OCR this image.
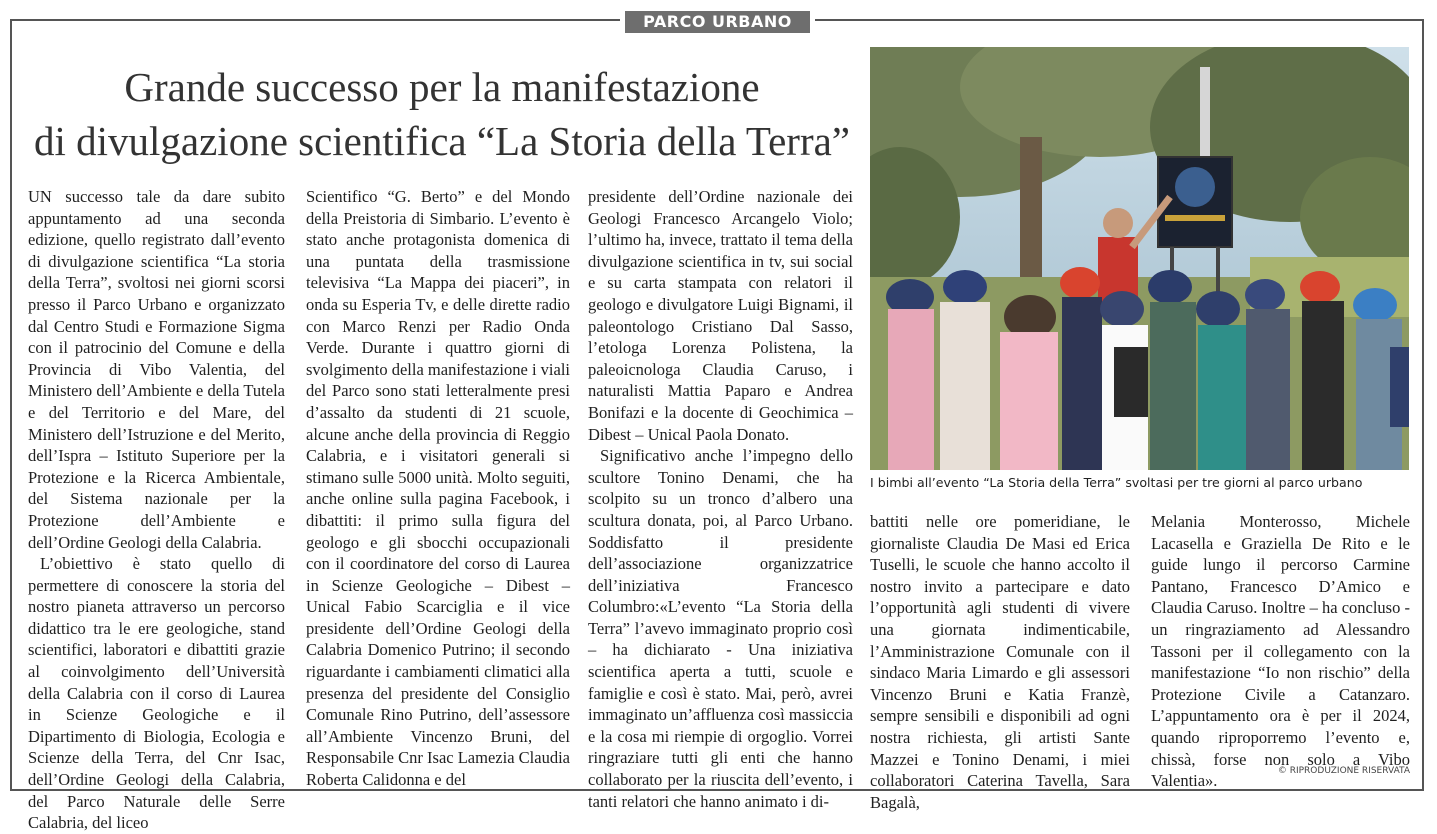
PARCO URBANO
Grande successo per la manifestazione
di divulgazione scientifica “La Storia della Terra”

UN successo tale da dare subito appuntamento ad una seconda edizione, quello registrato dall’evento di divulgazione scientifica “La storia della Terra”, svoltosi nei giorni scorsi presso il Parco Urbano e organizzato dal Centro Studi e Formazione Sigma con il patrocinio del Comune e della Provincia di Vibo Valentia, del Ministero dell’Ambiente e della Tutela e del Territorio e del Mare, del Ministero dell’Istruzione e del Merito, dell’Ispra – Istituto Superiore per la Protezione e la Ricerca Ambientale, del Sistema nazionale per la Protezione dell’Ambiente e dell’Ordine Geologi della Calabria.

L’obiettivo è stato quello di permettere di conoscere la storia del nostro pianeta attraverso un percorso didattico tra le ere geologiche, stand scientifici, laboratori e dibattiti grazie al coinvolgimento dell’Università della Calabria con il corso di Laurea in Scienze Geologiche e il Dipartimento di Biologia, Ecologia e Scienze della Terra, del Cnr Isac, dell’Ordine Geologi della Calabria, del Parco Naturale delle Serre Calabria, del liceo

Scientifico “G. Berto” e del Mondo della Preistoria di Simbario. L’evento è stato anche protagonista domenica di una puntata della trasmissione televisiva “La Mappa dei piaceri”, in onda su Esperia Tv, e delle dirette radio con Marco Renzi per Radio Onda Verde. Durante i quattro giorni di svolgimento della manifestazione i viali del Parco sono stati letteralmente presi d’assalto da studenti di 21 scuole, alcune anche della provincia di Reggio Calabria, e i visitatori generali si stimano sulle 5000 unità. Molto seguiti, anche online sulla pagina Facebook, i dibattiti: il primo sulla figura del geologo e gli sbocchi occupazionali con il coordinatore del corso di Laurea in Scienze Geologiche – Dibest – Unical Fabio Scarciglia e il vice presidente dell’Ordine Geologi della Calabria Domenico Putrino; il secondo riguardante i cambiamenti climatici alla presenza del presidente del Consiglio Comunale Rino Putrino, dell’assessore all’Ambiente Vincenzo Bruni, del Responsabile Cnr Isac Lamezia Claudia Roberta Calidonna e del

presidente dell’Ordine nazionale dei Geologi Francesco Arcangelo Violo; l’ultimo ha, invece, trattato il tema della divulgazione scientifica in tv, sui social e su carta stampata con relatori il geologo e divulgatore Luigi Bignami, il paleontologo Cristiano Dal Sasso, l’etologa Lorenza Polistena, la paleoicnologa Claudia Caruso, i naturalisti Mattia Paparo e Andrea Bonifazi e la docente di Geochimica – Dibest – Unical Paola Donato.

Significativo anche l’impegno dello scultore Tonino Denami, che ha scolpito su un tronco d’albero una scultura donata, poi, al Parco Urbano. Soddisfatto il presidente dell’associazione organizzatrice dell’iniziativa Francesco Columbro:«L’evento “La Storia della Terra” l’avevo immaginato proprio così – ha dichiarato - Una iniziativa scientifica aperta a tutti, scuole e famiglie e così è stato. Mai, però, avrei immaginato un’affluenza così massiccia e la cosa mi riempie di orgoglio. Vorrei ringraziare tutti gli enti che hanno collaborato per la riuscita dell’evento, i tanti relatori che hanno animato i di-

battiti nelle ore pomeridiane, le giornaliste Claudia De Masi ed Erica Tuselli, le scuole che hanno accolto il nostro invito a partecipare e dato l’opportunità agli studenti di vivere una giornata indimenticabile, l’Amministrazione Comunale con il sindaco Maria Limardo e gli assessori Vincenzo Bruni e Katia Franzè, sempre sensibili e disponibili ad ogni nostra richiesta, gli artisti Sante Mazzei e Tonino Denami, i miei collaboratori Caterina Tavella, Sara Bagalà,

Melania Monterosso, Michele Lacasella e Graziella De Rito e le guide lungo il percorso Carmine Pantano, Francesco D’Amico e Claudia Caruso. Inoltre – ha concluso - un ringraziamento ad Alessandro Tassoni per il collegamento con la manifestazione “Io non rischio” della Protezione Civile a Catanzaro. L’appuntamento ora è per il 2024, quando riproporremo l’evento e, chissà, forse non solo a Vibo Valentia».

I bimbi all’evento “La Storia della Terra” svoltasi per tre giorni al parco urbano
© RIPRODUZIONE RISERVATA
